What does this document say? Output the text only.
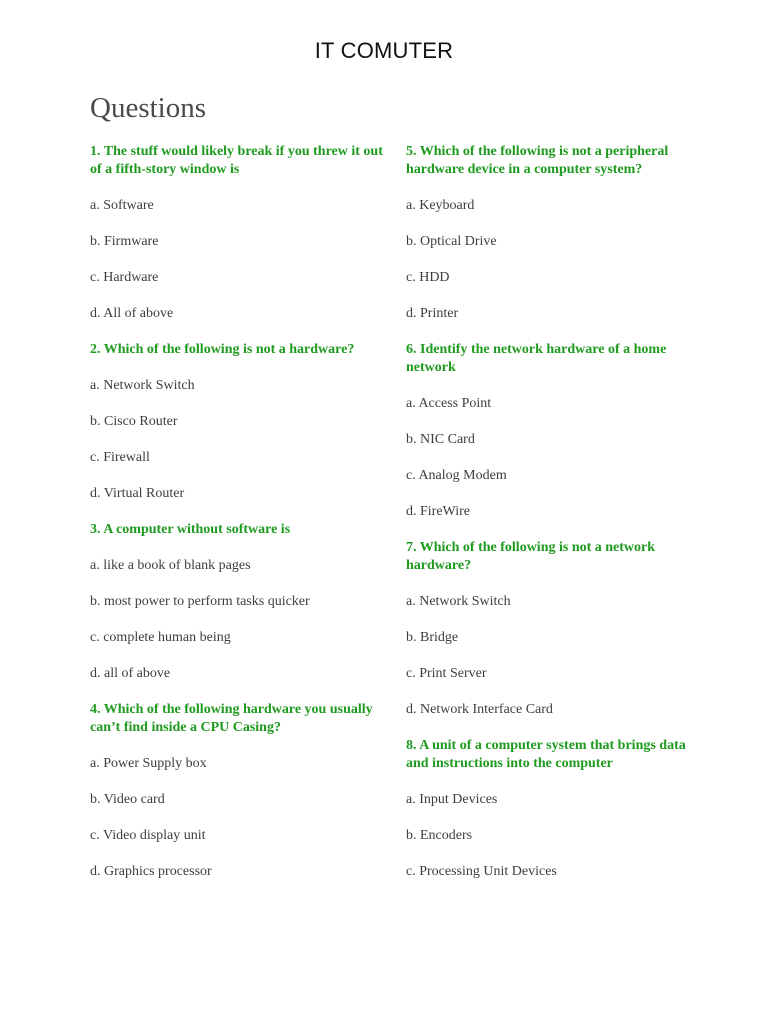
IT COMUTER
Questions
1. The stuff would likely break if you threw it out of a fifth-story window is
a. Software
b. Firmware
c. Hardware
d. All of above
2. Which of the following is not a hardware?
a. Network Switch
b. Cisco Router
c. Firewall
d. Virtual Router
3. A computer without software is
a. like a book of blank pages
b. most power to perform tasks quicker
c. complete human being
d. all of above
4. Which of the following hardware you usually can’t find inside a CPU Casing?
a. Power Supply box
b. Video card
c. Video display unit
d. Graphics processor
5. Which of the following is not a peripheral hardware device in a computer system?
a. Keyboard
b. Optical Drive
c. HDD
d. Printer
6. Identify the network hardware of a home network
a. Access Point
b. NIC Card
c. Analog Modem
d. FireWire
7. Which of the following is not a network hardware?
a. Network Switch
b. Bridge
c. Print Server
d. Network Interface Card
8. A unit of a computer system that brings data and instructions into the computer
a. Input Devices
b. Encoders
c. Processing Unit Devices
